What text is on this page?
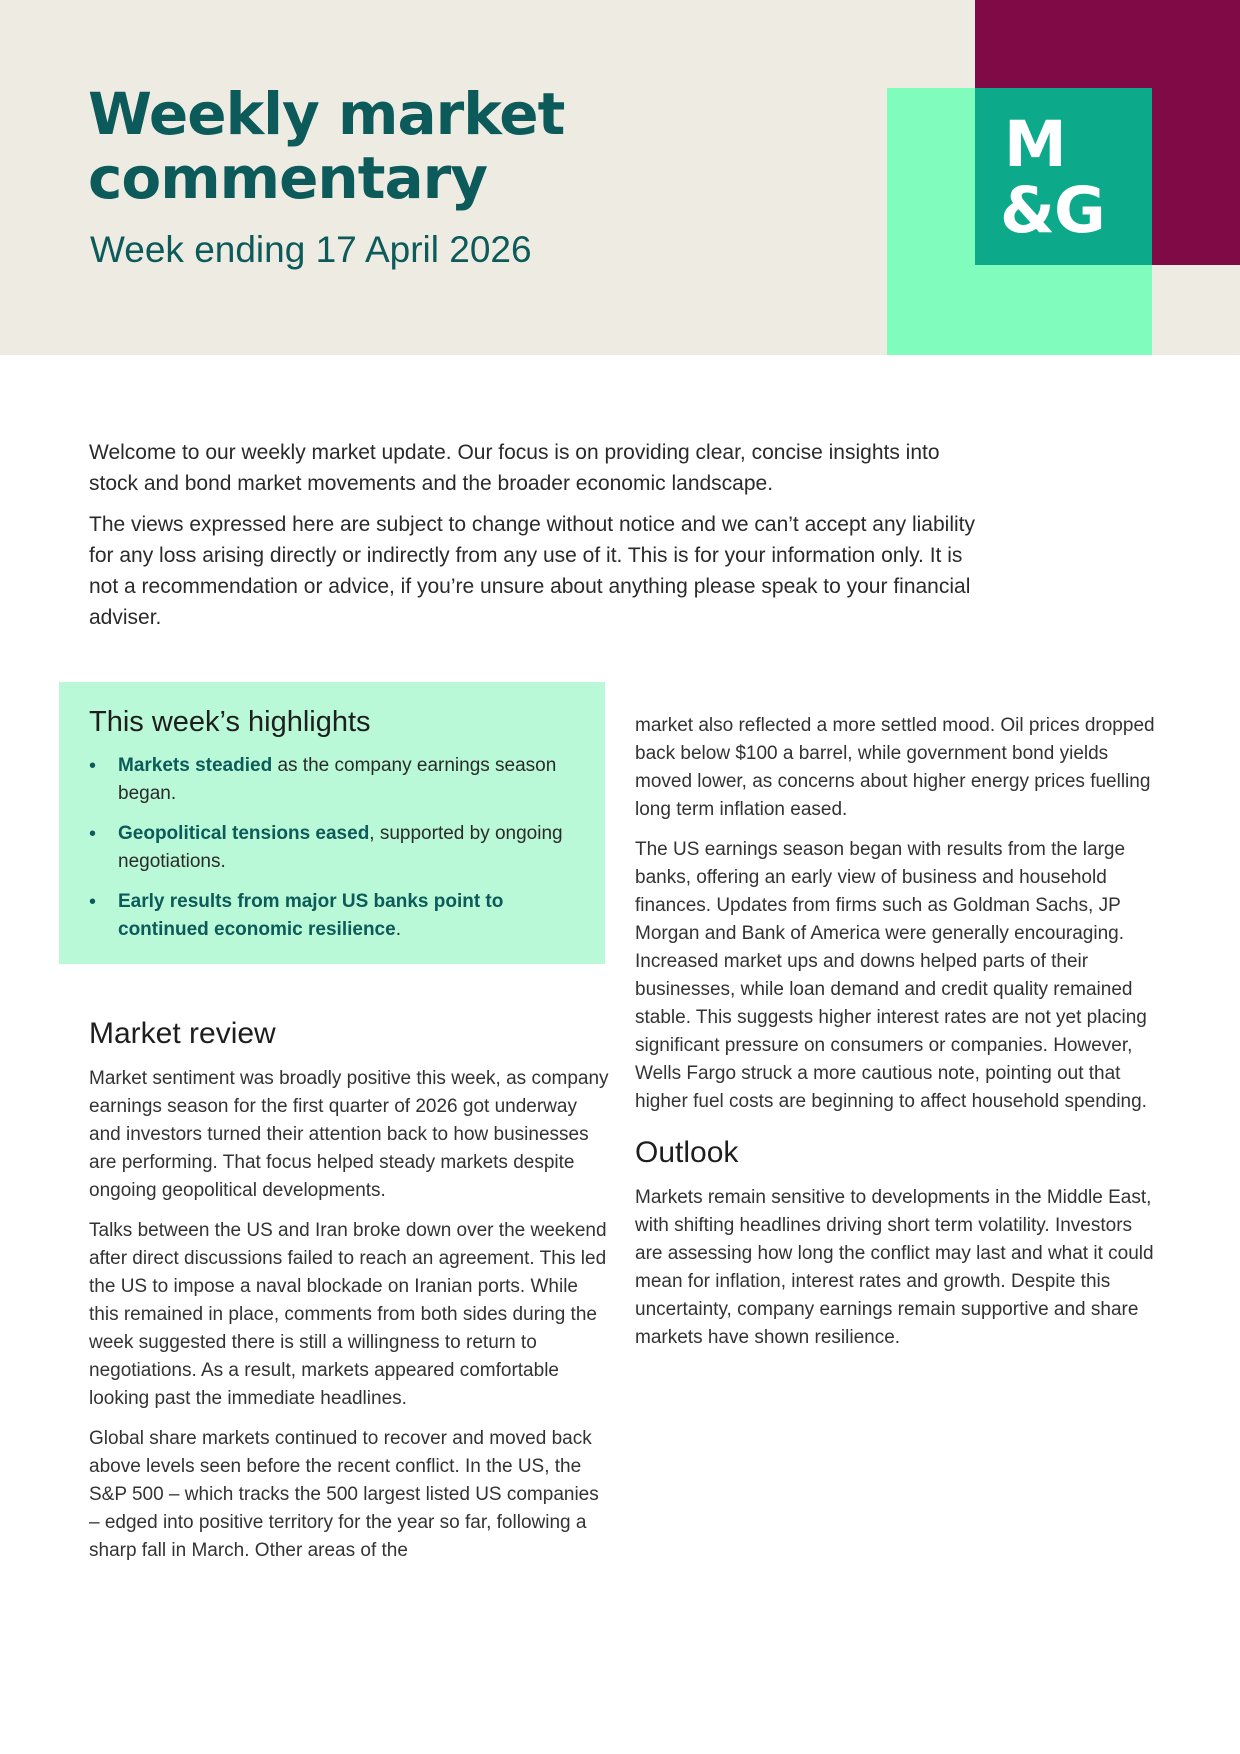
Weekly market
commentary
Week ending 17 April 2026
M
&G

Welcome to our weekly market update. Our focus is on providing clear, concise insights into stock and bond market movements and the broader economic landscape.

The views expressed here are subject to change without notice and we can’t accept any liability for any loss arising directly or indirectly from any use of it. This is for your information only. It is not a recommendation or advice, if you’re unsure about anything please speak to your financial adviser.

This week’s highlights
• Markets steadied as the company earnings season began.
• Geopolitical tensions eased, supported by ongoing negotiations.
• Early results from major US banks point to continued economic resilience.
Market review

Market sentiment was broadly positive this week, as company earnings season for the first quarter of 2026 got underway and investors turned their attention back to how businesses are performing. That focus helped steady markets despite ongoing geopolitical developments.

Talks between the US and Iran broke down over the weekend after direct discussions failed to reach an agreement. This led the US to impose a naval blockade on Iranian ports. While this remained in place, comments from both sides during the week suggested there is still a willingness to return to negotiations. As a result, markets appeared comfortable looking past the immediate headlines.

Global share markets continued to recover and moved back above levels seen before the recent conflict. In the US, the S&P 500 – which tracks the 500 largest listed US companies – edged into positive territory for the year so far, following a sharp fall in March. Other areas of the

market also reflected a more settled mood. Oil prices dropped back below $100 a barrel, while government bond yields moved lower, as concerns about higher energy prices fuelling long term inflation eased.

The US earnings season began with results from the large banks, offering an early view of business and household finances. Updates from firms such as Goldman Sachs, JP Morgan and Bank of America were generally encouraging. Increased market ups and downs helped parts of their businesses, while loan demand and credit quality remained stable. This suggests higher interest rates are not yet placing significant pressure on consumers or companies. However, Wells Fargo struck a more cautious note, pointing out that higher fuel costs are beginning to affect household spending.

Outlook

Markets remain sensitive to developments in the Middle East, with shifting headlines driving short term volatility. Investors are assessing how long the conflict may last and what it could mean for inflation, interest rates and growth. Despite this uncertainty, company earnings remain supportive and share markets have shown resilience.
